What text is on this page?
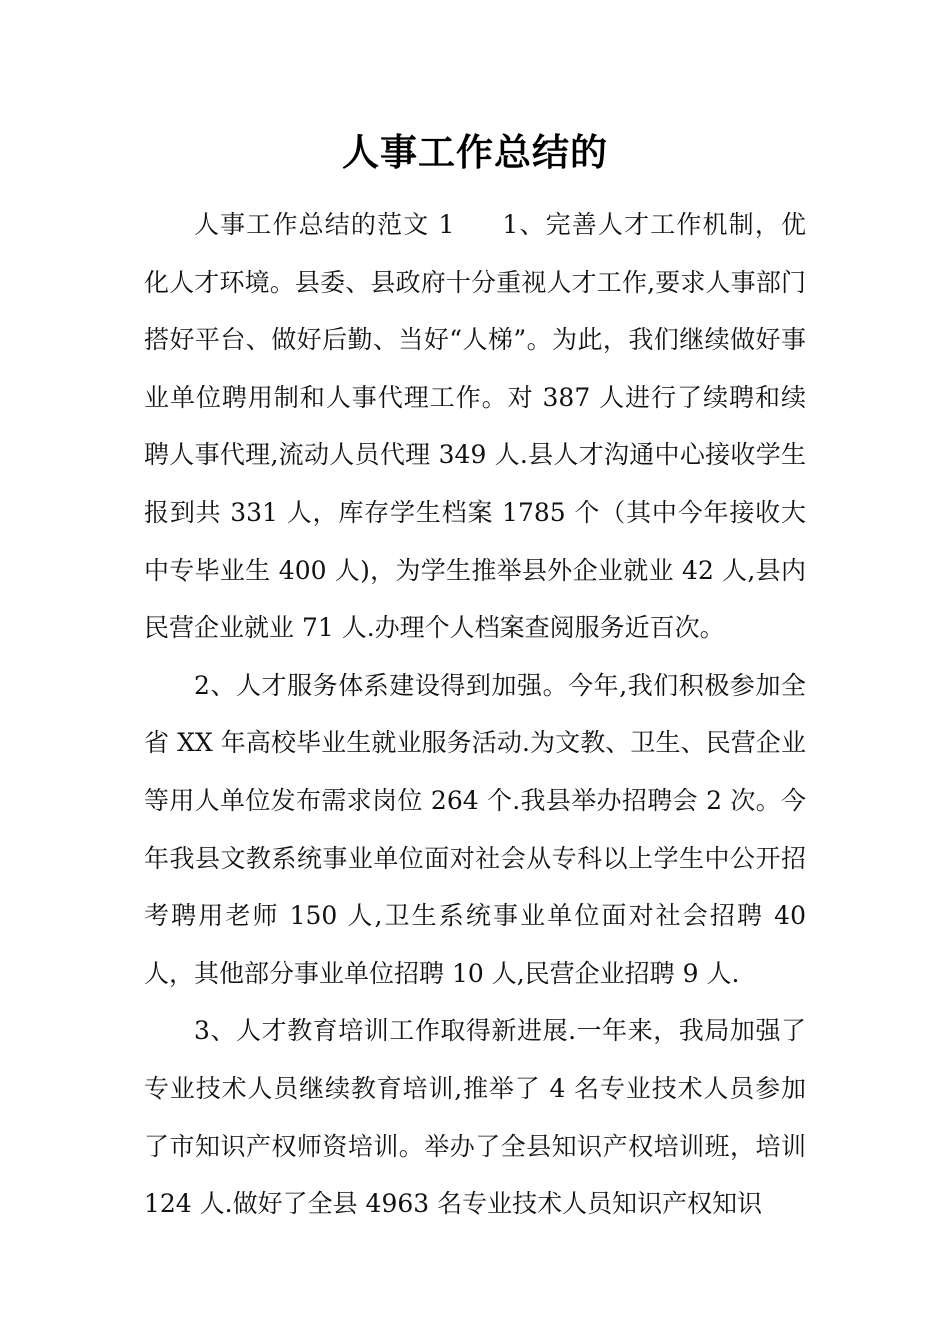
人事工作总结的

人事工作总结的范文 1 1、完善人才工作机制，优化人才环境。县委、县政府十分重视人才工作,要求人事部门搭好平台、做好后勤、当好“人梯”。为此，我们继续做好事业单位聘用制和人事代理工作。对 387 人进行了续聘和续聘人事代理,流动人员代理 349 人.县人才沟通中心接收学生报到共 331 人，库存学生档案 1785 个（其中今年接收大中专毕业生 400 人)，为学生推举县外企业就业 42 人,县内民营企业就业 71 人.办理个人档案查阅服务近百次。

2、人才服务体系建设得到加强。今年,我们积极参加全省 XX 年高校毕业生就业服务活动.为文教、卫生、民营企业等用人单位发布需求岗位 264 个.我县举办招聘会 2 次。今年我县文教系统事业单位面对社会从专科以上学生中公开招考聘用老师 150 人,卫生系统事业单位面对社会招聘 40 人，其他部分事业单位招聘 10 人,民营企业招聘 9 人.

3、人才教育培训工作取得新进展.一年来，我局加强了专业技术人员继续教育培训,推举了 4 名专业技术人员参加了市知识产权师资培训。举办了全县知识产权培训班，培训 124 人.做好了全县 4963 名专业技术人员知识产权知识
